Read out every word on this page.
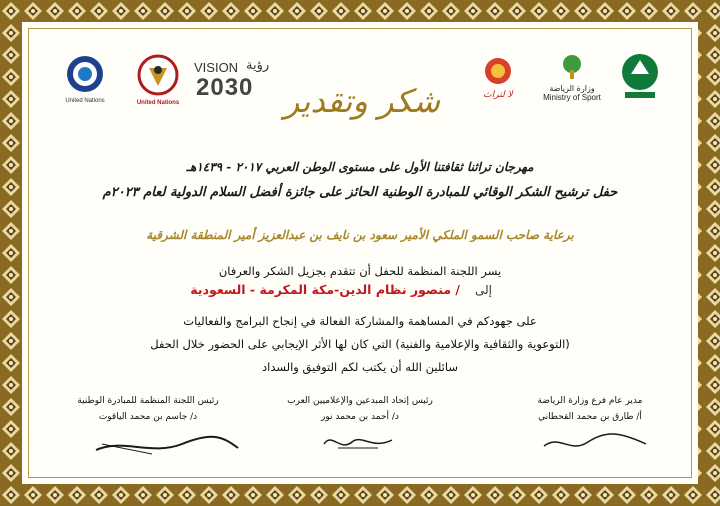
United Nations	United Nations
VISION رؤية
2030 شكر وتقدير	لا لتراث
وزارة الرياضة
Ministry of Sport
مهرجان تراثنا ثقافتنا الأول على مستوى الوطن العربي ٢٠١٧ - ١٤٣٩هـ
حفل ترشيح الشكر الوقائي للمبادرة الوطنية الحائز على جائزة أفضل السلام الدولية لعام ٢٠٢٣م
برعاية صاحب السمو الملكي الأمير سعود بن نايف بن عبدالعزيز أمير المنطقة الشرقية
يسر اللجنة المنظمة للحفل أن تتقدم بجزيل الشكر والعرفان
إلى
/ منصور نظام الدين-مكة المكرمة - السعودية
على جهودكم في المساهمة والمشاركة الفعالة في إنجاح البرامج والفعاليات
(التوعوية والثقافية والإعلامية والفنية) التي كان لها الأثر الإيجابي على الحضور خلال الحفل
سائلين الله أن يكتب لكم التوفيق والسداد
مدير عام فرع وزارة الرياضة
أ/ طارق بن محمد القحطاني
رئيس إتحاد المبدعين والإعلاميين العرب
د/ أحمد بن محمد نور
رئيس اللجنة المنظمة للمبادرة الوطنية
د/ جاسم بن محمد الياقوت
